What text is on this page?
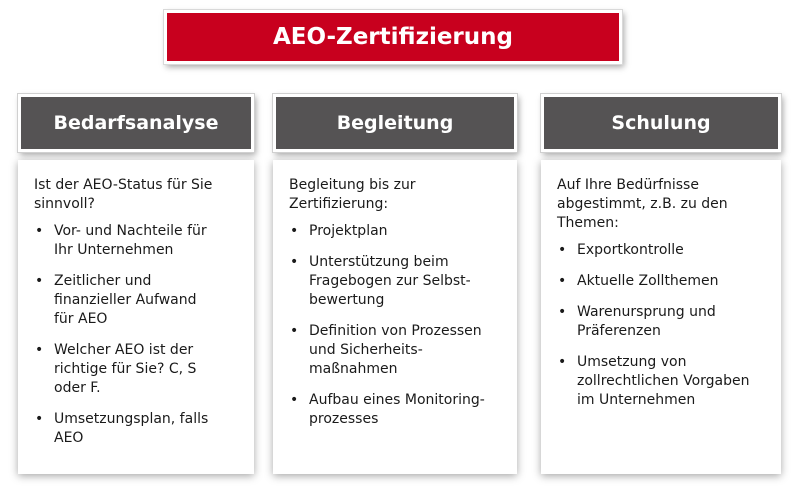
AEO-Zertifizierung
Bedarfsanalyse

Ist der AEO-Status für Sie
sinnvoll?

• Vor- und Nachteile für
Ihr Unternehmen
• Zeitlicher und
finanzieller Aufwand
für AEO
• Welcher AEO ist der
richtige für Sie? C, S
oder F.
• Umsetzungsplan, falls
AEO
Begleitung

Begleitung bis zur
Zertifizierung:

• Projektplan
• Unterstützung beim
Fragebogen zur Selbst-
bewertung
• Definition von Prozessen
und Sicherheits-
maßnahmen
• Aufbau eines Monitoring-
prozesses
Schulung

Auf Ihre Bedürfnisse
abgestimmt, z.B. zu den
Themen:

• Exportkontrolle
• Aktuelle Zollthemen
• Warenursprung und
Präferenzen
• Umsetzung von
zollrechtlichen Vorgaben
im Unternehmen
